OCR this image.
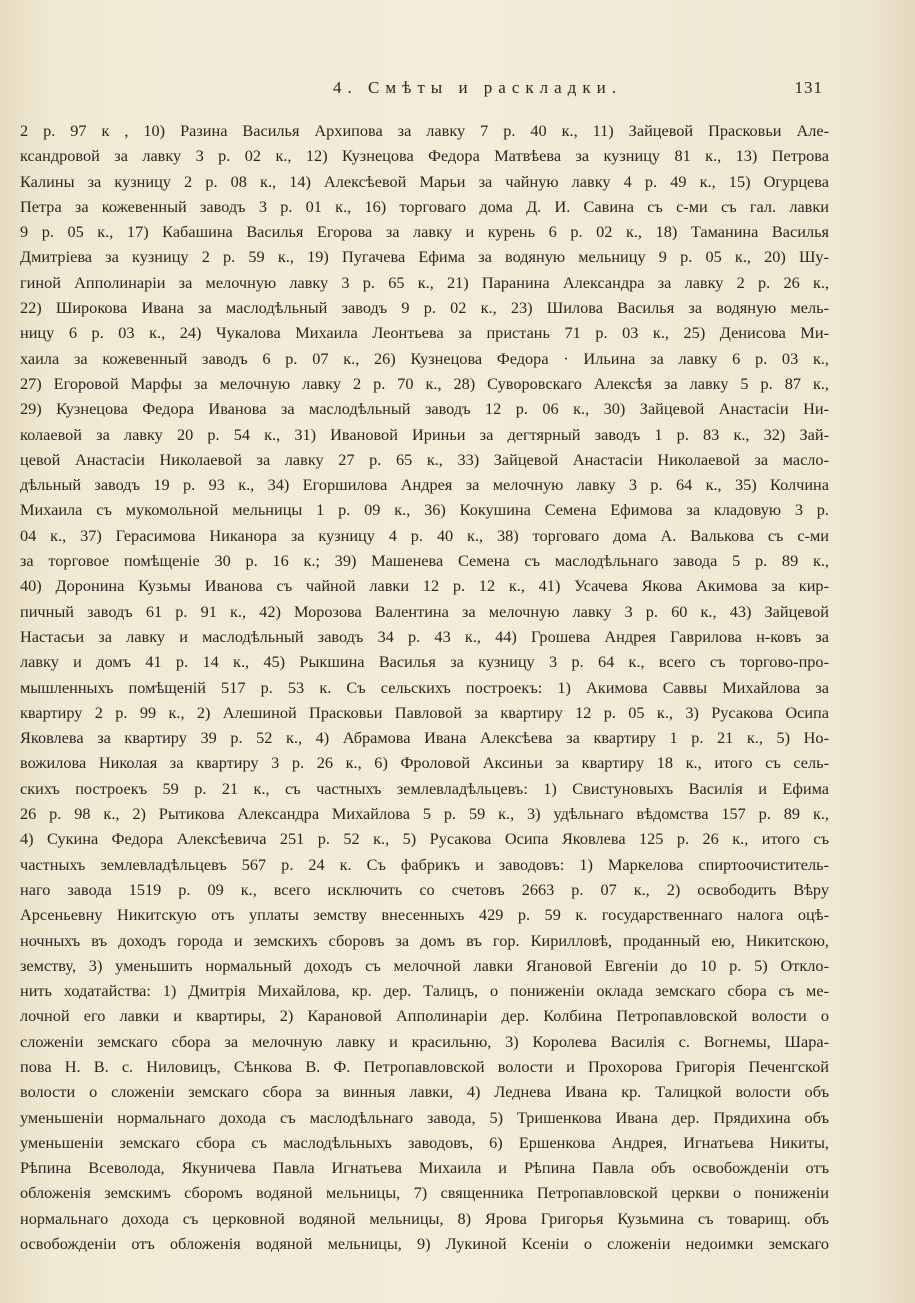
4. Смѣты и раскладки.	131
2 р. 97 к , 10) Разина Василья Архипова за лавку 7 р. 40 к., 11) Зайцевой Прасковьи Але-
ксандровой за лавку 3 р. 02 к., 12) Кузнецова Федора Матвѣева за кузницу 81 к., 13) Петрова
Калины за кузницу 2 р. 08 к., 14) Алексѣевой Марьи за чайную лавку 4 р. 49 к., 15) Огурцева
Петра за кожевенный заводъ 3 р. 01 к., 16) торговаго дома Д. И. Савина съ с-ми съ гал. лавки
9 р. 05 к., 17) Кабашина Василья Егорова за лавку и курень 6 р. 02 к., 18) Таманина Василья
Дмитріева за кузницу 2 р. 59 к., 19) Пугачева Ефима за водяную мельницу 9 р. 05 к., 20) Шу-
гиной Апполинаріи за мелочную лавку 3 р. 65 к., 21) Паранина Александра за лавку 2 р. 26 к.,
22) Широкова Ивана за маслодѣльный заводъ 9 р. 02 к., 23) Шилова Василья за водяную мель-
ницу 6 р. 03 к., 24) Чукалова Михаила Леонтьева за пристань 71 р. 03 к., 25) Денисова Ми-
хаила за кожевенный заводъ 6 р. 07 к., 26) Кузнецова Федора · Ильина за лавку 6 р. 03 к.,
27) Егоровой Марфы за мелочную лавку 2 р. 70 к., 28) Суворовскаго Алексѣя за лавку 5 р. 87 к.,
29) Кузнецова Федора Иванова за маслодѣльный заводъ 12 р. 06 к., 30) Зайцевой Анастасіи Ни-
колаевой за лавку 20 р. 54 к., 31) Ивановой Ириньи за дегтярный заводъ 1 р. 83 к., 32) Зай-
цевой Анастасіи Николаевой за лавку 27 р. 65 к., 33) Зайцевой Анастасіи Николаевой за масло-
дѣльный заводъ 19 р. 93 к., 34) Егоршилова Андрея за мелочную лавку 3 р. 64 к., 35) Колчина
Михаила съ мукомольной мельницы 1 р. 09 к., 36) Кокушина Семена Ефимова за кладовую 3 р.
04 к., 37) Герасимова Никанора за кузницу 4 р. 40 к., 38) торговаго дома А. Валькова съ с-ми
за торговое помѣщеніе 30 р. 16 к.; 39) Машенева Семена съ маслодѣльнаго завода 5 р. 89 к.,
40) Доронина Кузьмы Иванова съ чайной лавки 12 р. 12 к., 41) Усачева Якова Акимова за кир-
пичный заводъ 61 р. 91 к., 42) Морозова Валентина за мелочную лавку 3 р. 60 к., 43) Зайцевой
Настасьи за лавку и маслодѣльный заводъ 34 р. 43 к., 44) Грошева Андрея Гаврилова н-ковъ за
лавку и домъ 41 р. 14 к., 45) Рыкшина Василья за кузницу 3 р. 64 к., всего съ торгово-про-
мышленныхъ помѣщеній 517 р. 53 к. Съ сельскихъ построекъ: 1) Акимова Саввы Михайлова за
квартиру 2 р. 99 к., 2) Алешиной Прасковьи Павловой за квартиру 12 р. 05 к., 3) Русакова Осипа
Яковлева за квартиру 39 р. 52 к., 4) Абрамова Ивана Алексѣева за квартиру 1 р. 21 к., 5) Но-
вожилова Николая за квартиру 3 р. 26 к., 6) Фроловой Аксиньи за квартиру 18 к., итого съ сель-
скихъ построекъ 59 р. 21 к., съ частныхъ землевладѣльцевъ: 1) Свистуновыхъ Василія и Ефима
26 р. 98 к., 2) Рытикова Александра Михайлова 5 р. 59 к., 3) удѣльнаго вѣдомства 157 р. 89 к.,
4) Сукина Федора Алексѣевича 251 р. 52 к., 5) Русакова Осипа Яковлева 125 р. 26 к., итого съ
частныхъ землевладѣльцевъ 567 р. 24 к. Съ фабрикъ и заводовъ: 1) Маркелова спиртоочиститель-
наго завода 1519 р. 09 к., всего исключить со счетовъ 2663 р. 07 к., 2) освободить Вѣру
Арсеньевну Никитскую отъ уплаты земству внесенныхъ 429 р. 59 к. государственнаго налога оцѣ-
ночныхъ въ доходъ города и земскихъ сборовъ за домъ въ гор. Кирилловѣ, проданный ею, Никитскою,
земству, 3) уменьшить нормальный доходъ съ мелочной лавки Ягановой Евгеніи до 10 р. 5) Откло-
нить ходатайства: 1) Дмитрія Михайлова, кр. дер. Талицъ, о пониженіи оклада земскаго сбора съ ме-
лочной его лавки и квартиры, 2) Карановой Апполинаріи дер. Колбина Петропавловской волости о
сложеніи земскаго сбора за мелочную лавку и красильню, 3) Королева Василія с. Вогнемы, Шара-
пова Н. В. с. Ниловицъ, Сѣнкова В. Ф. Петропавловской волости и Прохорова Григорія Печенгской
волости о сложеніи земскаго сбора за винныя лавки, 4) Леднева Ивана кр. Талицкой волости объ
уменьшеніи нормальнаго дохода съ маслодѣльнаго завода, 5) Тришенкова Ивана дер. Прядихина объ
уменьшеніи земскаго сбора съ маслодѣльныхъ заводовъ, 6) Ершенкова Андрея, Игнатьева Никиты,
Рѣпина Всеволода, Якуничева Павла Игнатьева Михаила и Рѣпина Павла объ освобожденіи отъ
обложенія земскимъ сборомъ водяной мельницы, 7) священника Петропавловской церкви о пониженіи
нормальнаго дохода съ церковной водяной мельницы, 8) Ярова Григорья Кузьмина съ товарищ. объ
освобожденіи отъ обложенія водяной мельницы, 9) Лукиной Ксеніи о сложеніи недоимки земскаго
